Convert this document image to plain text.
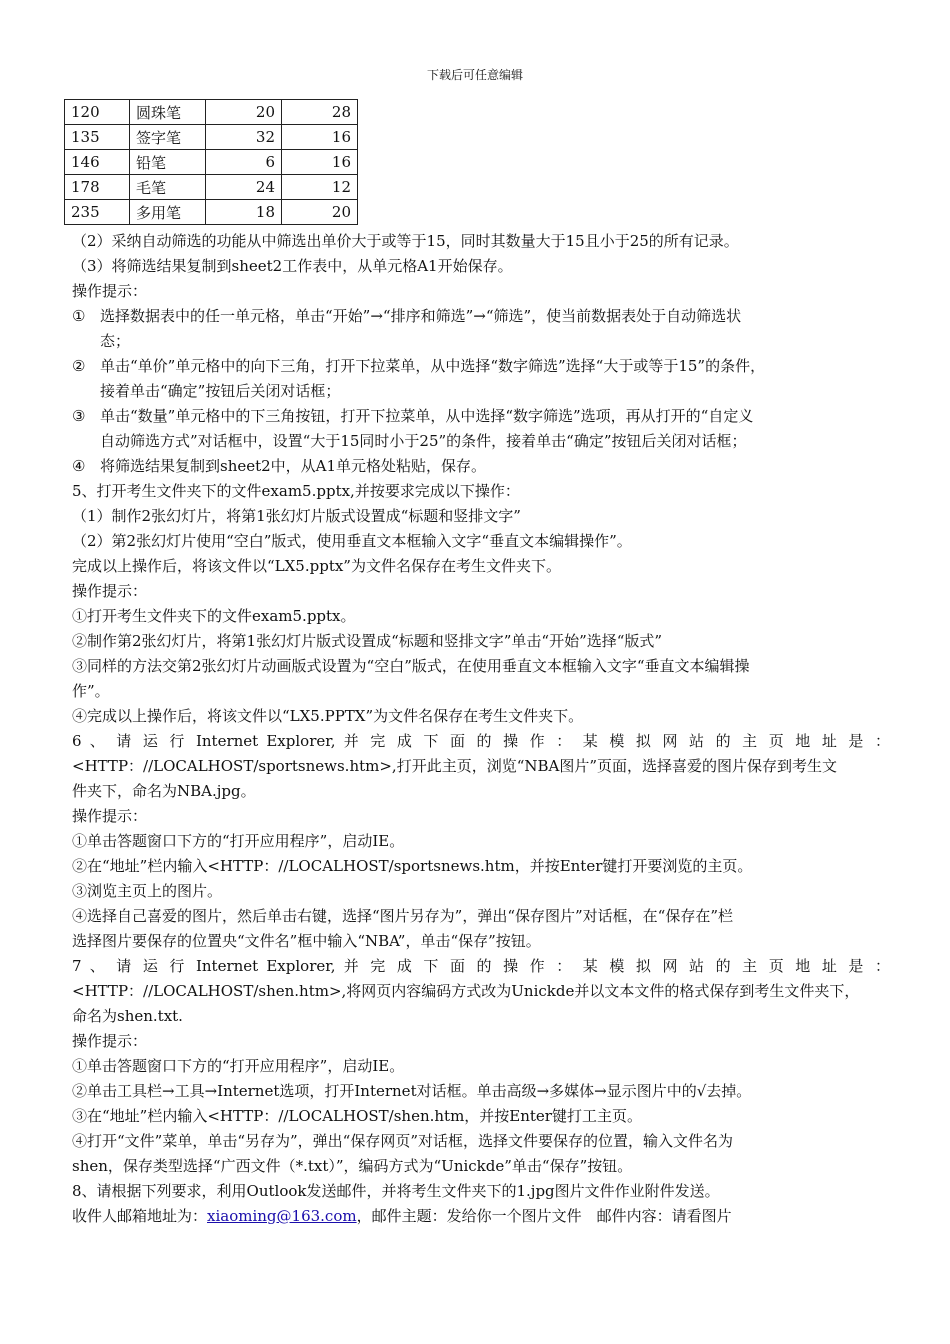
下载后可任意编辑
120	圆珠笔	20	28
135	签字笔	32	16
146	铅笔	6	16
178	毛笔	24	12
235	多用笔	18	20
（2）采纳自动筛选的功能从中筛选出单价大于或等于15，同时其数量大于15且小于25的所有记录。
（3）将筛选结果复制到sheet2工作表中，从单元格A1开始保存。
操作提示：
① 选择数据表中的任一单元格，单击“开始”→“排序和筛选”→“筛选”，使当前数据表处于自动筛选状
态；
② 单击“单价”单元格中的向下三角，打开下拉菜单，从中选择“数字筛选”选择“大于或等于15”的条件，
接着单击“确定”按钮后关闭对话框；
③ 单击“数量”单元格中的下三角按钮，打开下拉菜单，从中选择“数字筛选”选项，再从打开的“自定义
自动筛选方式”对话框中，设置“大于15同时小于25”的条件，接着单击“确定”按钮后关闭对话框；
④ 将筛选结果复制到sheet2中，从A1单元格处粘贴，保存。
5、打开考生文件夹下的文件exam5.pptx,并按要求完成以下操作：
（1）制作2张幻灯片，将第1张幻灯片版式设置成“标题和竖排文字”
（2）第2张幻灯片使用“空白”版式，使用垂直文本框输入文字“垂直文本编辑操作”。
完成以上操作后，将该文件以“LX5.pptx”为文件名保存在考生文件夹下。
操作提示：
①打开考生文件夹下的文件exam5.pptx。
②制作第2张幻灯片，将第1张幻灯片版式设置成“标题和竖排文字”单击“开始”选择“版式”
③同样的方法交第2张幻灯片动画版式设置为“空白”版式，在使用垂直文本框输入文字“垂直文本编辑操
作”。
④完成以上操作后，将该文件以“LX5.PPTX”为文件名保存在考生文件夹下。
6 、 请 运 行 Internet Explorer, 并 完 成 下 面 的 操 作 ： 某 模 拟 网 站 的 主 页 地 址 是 ：
<HTTP：//LOCALHOST/sportsnews.htm>,打开此主页，浏览“NBA图片”页面，选择喜爱的图片保存到考生文
件夹下，命名为NBA.jpg。
操作提示：
①单击答题窗口下方的“打开应用程序”，启动IE。
②在“地址”栏内输入<HTTP：//LOCALHOST/sportsnews.htm，并按Enter键打开要浏览的主页。
③浏览主页上的图片。
④选择自己喜爱的图片，然后单击右键，选择“图片另存为”，弹出“保存图片”对话框，在“保存在”栏
选择图片要保存的位置央“文件名”框中输入“NBA”，单击“保存”按钮。
7 、 请 运 行 Internet Explorer, 并 完 成 下 面 的 操 作 ： 某 模 拟 网 站 的 主 页 地 址 是 ：
<HTTP：//LOCALHOST/shen.htm>,将网页内容编码方式改为Unickde并以文本文件的格式保存到考生文件夹下，
命名为shen.txt.
操作提示：
①单击答题窗口下方的“打开应用程序”，启动IE。
②单击工具栏→工具→Internet选项，打开Internet对话框。单击高级→多媒体→显示图片中的√去掉。
③在“地址”栏内输入<HTTP：//LOCALHOST/shen.htm，并按Enter键打工主页。
④打开“文件”菜单，单击“另存为”，弹出“保存网页”对话框，选择文件要保存的位置，输入文件名为
shen，保存类型选择“广西文件（*.txt）”，编码方式为“Unickde”单击“保存”按钮。
8、请根据下列要求，利用Outlook发送邮件，并将考生文件夹下的1.jpg图片文件作业附件发送。
收件人邮箱地址为：xiaoming@163.com，邮件主题：发给你一个图片文件　邮件内容：请看图片
